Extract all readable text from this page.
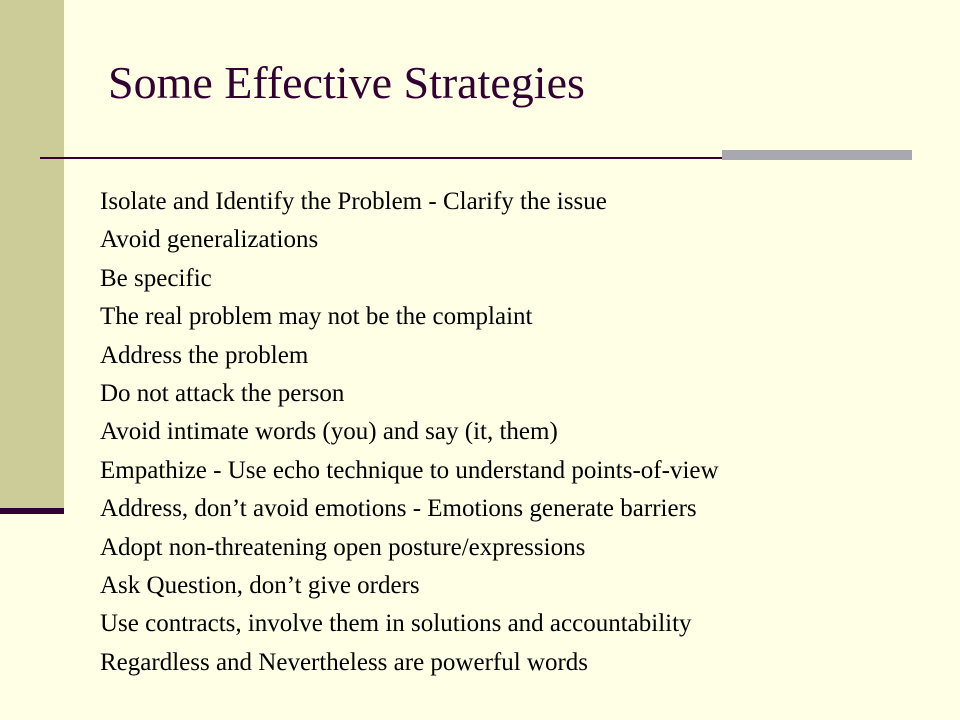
Some Effective Strategies
Isolate and Identify the Problem - Clarify the issue
Avoid generalizations
Be specific
The real problem may not be the complaint
Address the problem
Do not attack the person
Avoid intimate words (you) and say (it, them)
Empathize - Use echo technique to understand points-of-view
Address, don’t avoid emotions - Emotions generate barriers
Adopt non-threatening open posture/expressions
Ask Question, don’t give orders
Use contracts, involve them in solutions and accountability
Regardless and Nevertheless are powerful words
